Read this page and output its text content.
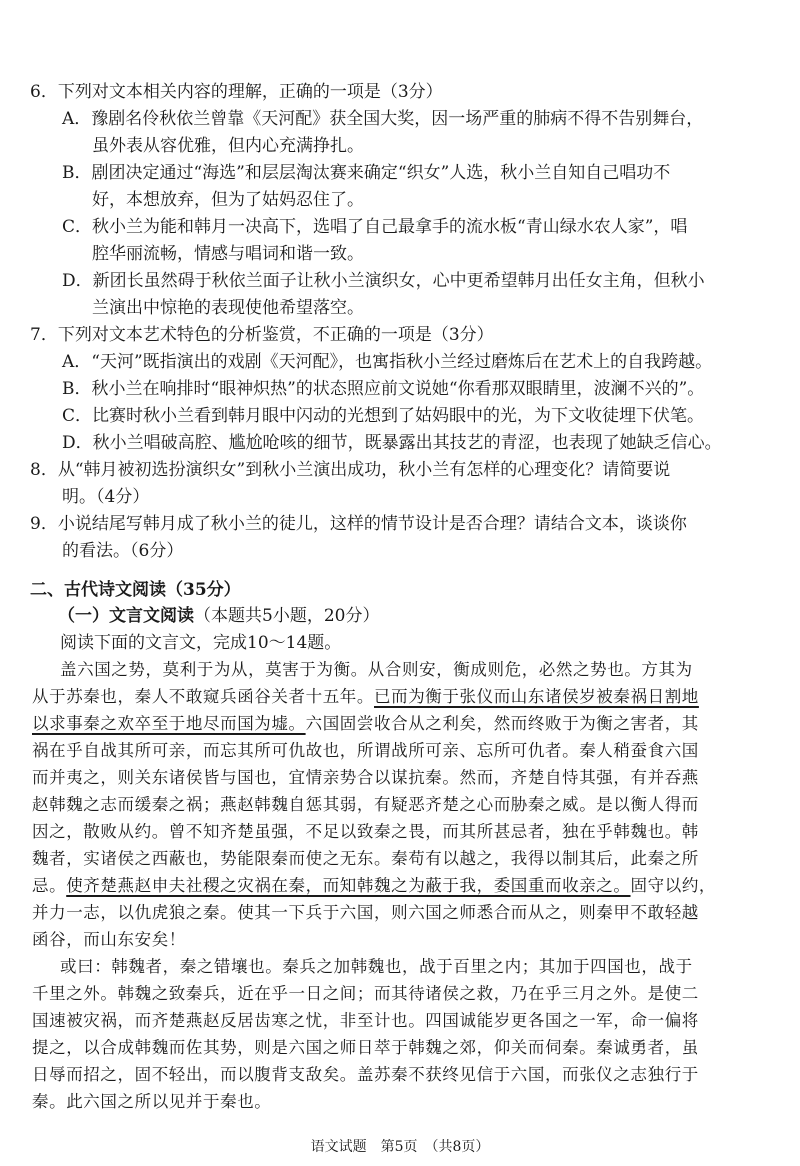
6．下列对文本相关内容的理解，正确的一项是（3分）
A．豫剧名伶秋依兰曾靠《天河配》获全国大奖，因一场严重的肺病不得不告别舞台，
虽外表从容优雅，但内心充满挣扎。
B．剧团决定通过“海选”和层层淘汰赛来确定“织女”人选，秋小兰自知自己唱功不
好，本想放弃，但为了姑妈忍住了。
C．秋小兰为能和韩月一决高下，选唱了自己最拿手的流水板“青山绿水农人家”，唱
腔华丽流畅，情感与唱词和谐一致。
D．新团长虽然碍于秋依兰面子让秋小兰演织女，心中更希望韩月出任女主角，但秋小
兰演出中惊艳的表现使他希望落空。
7．下列对文本艺术特色的分析鉴赏，不正确的一项是（3分）
A．“天河”既指演出的戏剧《天河配》，也寓指秋小兰经过磨炼后在艺术上的自我跨越。
B．秋小兰在响排时“眼神炽热”的状态照应前文说她“你看那双眼睛里，波澜不兴的”。
C．比赛时秋小兰看到韩月眼中闪动的光想到了姑妈眼中的光，为下文收徒埋下伏笔。
D．秋小兰唱破高腔、尴尬呛咳的细节，既暴露出其技艺的青涩，也表现了她缺乏信心。
8．从“韩月被初选扮演织女”到秋小兰演出成功，秋小兰有怎样的心理变化？请简要说
明。（4分）
9．小说结尾写韩月成了秋小兰的徒儿，这样的情节设计是否合理？请结合文本，谈谈你
的看法。（6分）
二、古代诗文阅读（35分）
（一）文言文阅读（本题共5小题，20分）
阅读下面的文言文，完成10～14题。
盖六国之势，莫利于为从，莫害于为衡。从合则安，衡成则危，必然之势也。方其为
从于苏秦也，秦人不敢窥兵函谷关者十五年。已而为衡于张仪而山东诸侯岁被秦祸日割地
以求事秦之欢卒至于地尽而国为墟。六国固尝收合从之利矣，然而终败于为衡之害者，其
祸在乎自战其所可亲，而忘其所可仇故也，所谓战所可亲、忘所可仇者。秦人稍蚕食六国
而并夷之，则关东诸侯皆与国也，宜情亲势合以谋抗秦。然而，齐楚自恃其强，有并吞燕
赵韩魏之志而缓秦之祸；燕赵韩魏自惩其弱，有疑恶齐楚之心而胁秦之威。是以衡人得而
因之，散败从约。曾不知齐楚虽强，不足以致秦之畏，而其所甚忌者，独在乎韩魏也。韩
魏者，实诸侯之西蔽也，势能限秦而使之无东。秦苟有以越之，我得以制其后，此秦之所
忌。使齐楚燕赵申夫社稷之灾祸在秦，而知韩魏之为蔽于我，委国重而收亲之。固守以约，
并力一志，以仇虎狼之秦。使其一下兵于六国，则六国之师悉合而从之，则秦甲不敢轻越
函谷，而山东安矣！
或曰：韩魏者，秦之错壤也。秦兵之加韩魏也，战于百里之内；其加于四国也，战于
千里之外。韩魏之致秦兵，近在乎一日之间；而其待诸侯之救，乃在乎三月之外。是使二
国速被灾祸，而齐楚燕赵反居齿寒之忧，非至计也。四国诚能岁更各国之一军，命一偏将
提之，以合成韩魏而佐其势，则是六国之师日萃于韩魏之郊，仰关而伺秦。秦诚勇者，虽
日辱而招之，固不轻出，而以腹背支敌矣。盖苏秦不获终见信于六国，而张仪之志独行于
秦。此六国之所以见并于秦也。
语文试题　第5页　（共8页）
